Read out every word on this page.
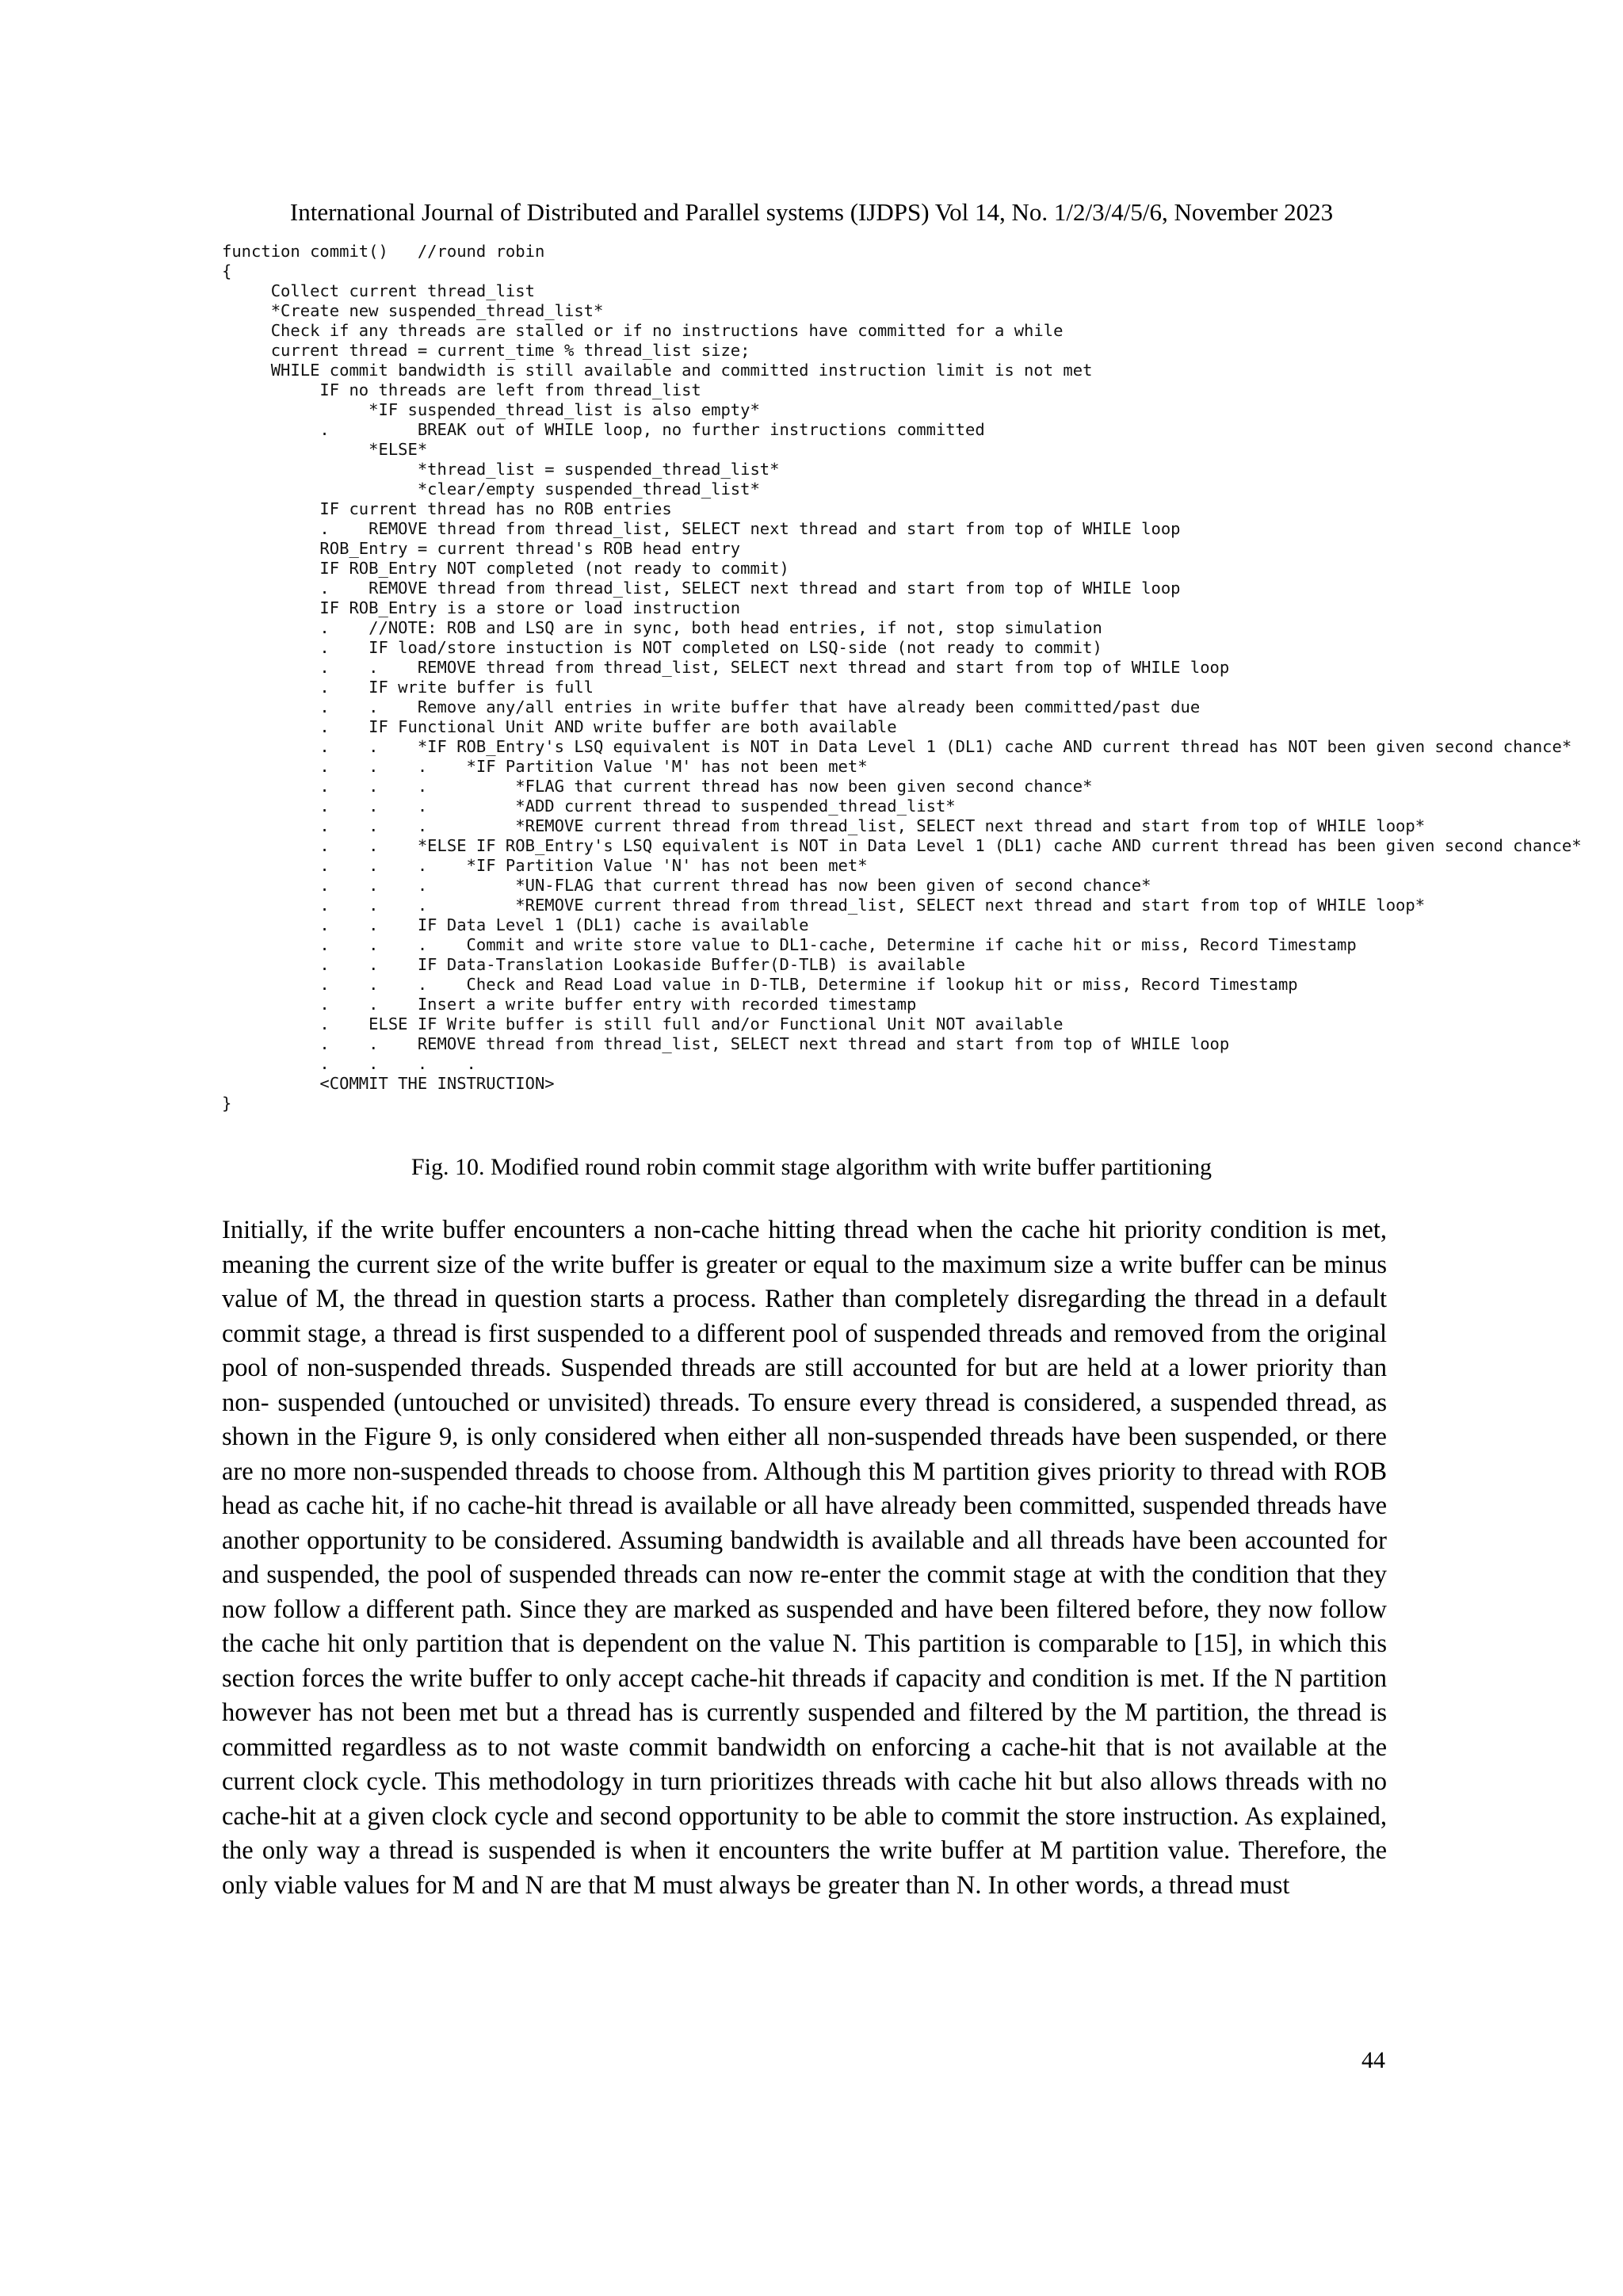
International Journal of Distributed and Parallel systems (IJDPS) Vol 14, No. 1/2/3/4/5/6, November 2023
function commit()   //round robin
{
Collect current thread_list
*Create new suspended_thread_list*
Check if any threads are stalled or if no instructions have committed for a while
current thread = current_time % thread_list size;
WHILE commit bandwidth is still available and committed instruction limit is not met
IF no threads are left from thread_list
*IF suspended_thread_list is also empty*
.         BREAK out of WHILE loop, no further instructions committed
*ELSE*
*thread_list = suspended_thread_list*
*clear/empty suspended_thread_list*
IF current thread has no ROB entries
.    REMOVE thread from thread_list, SELECT next thread and start from top of WHILE loop
ROB_Entry = current thread's ROB head entry
IF ROB_Entry NOT completed (not ready to commit)
.    REMOVE thread from thread_list, SELECT next thread and start from top of WHILE loop
IF ROB_Entry is a store or load instruction
.    //NOTE: ROB and LSQ are in sync, both head entries, if not, stop simulation
.    IF load/store instuction is NOT completed on LSQ-side (not ready to commit)
.    .    REMOVE thread from thread_list, SELECT next thread and start from top of WHILE loop
.    IF write buffer is full
.    .    Remove any/all entries in write buffer that have already been committed/past due
.    IF Functional Unit AND write buffer are both available
.    .    *IF ROB_Entry's LSQ equivalent is NOT in Data Level 1 (DL1) cache AND current thread has NOT been given second chance*
.    .    .    *IF Partition Value 'M' has not been met*
.    .    .         *FLAG that current thread has now been given second chance*
.    .    .         *ADD current thread to suspended_thread_list*
.    .    .         *REMOVE current thread from thread_list, SELECT next thread and start from top of WHILE loop*
.    .    *ELSE IF ROB_Entry's LSQ equivalent is NOT in Data Level 1 (DL1) cache AND current thread has been given second chance*
.    .    .    *IF Partition Value 'N' has not been met*
.    .    .         *UN-FLAG that current thread has now been given of second chance*
.    .    .         *REMOVE current thread from thread_list, SELECT next thread and start from top of WHILE loop*
.    .    IF Data Level 1 (DL1) cache is available
.    .    .    Commit and write store value to DL1-cache, Determine if cache hit or miss, Record Timestamp
.    .    IF Data-Translation Lookaside Buffer(D-TLB) is available
.    .    .    Check and Read Load value in D-TLB, Determine if lookup hit or miss, Record Timestamp
.    .    Insert a write buffer entry with recorded timestamp
.    ELSE IF Write buffer is still full and/or Functional Unit NOT available
.    .    REMOVE thread from thread_list, SELECT next thread and start from top of WHILE loop
.    .    .    .
<COMMIT THE INSTRUCTION>
}
Fig. 10. Modified round robin commit stage algorithm with write buffer partitioning

Initially, if the write buffer encounters a non-cache hitting thread when the cache hit priority condition is met, meaning the current size of the write buffer is greater or equal to the maximum size a write buffer can be minus value of M, the thread in question starts a process. Rather than completely disregarding the thread in a default commit stage, a thread is first suspended to a different pool of suspended threads and removed from the original pool of non-suspended threads. Suspended threads are still accounted for but are held at a lower priority than non- suspended (untouched or unvisited) threads. To ensure every thread is considered, a suspended thread, as shown in the Figure 9, is only considered when either all non-suspended threads have been suspended, or there are no more non-suspended threads to choose from. Although this M partition gives priority to thread with ROB head as cache hit, if no cache-hit thread is available or all have already been committed, suspended threads have another opportunity to be considered. Assuming bandwidth is available and all threads have been accounted for and suspended, the pool of suspended threads can now re-enter the commit stage at with the condition that they now follow a different path. Since they are marked as suspended and have been filtered before, they now follow the cache hit only partition that is dependent on the value N. This partition is comparable to [15], in which this section forces the write buffer to only accept cache-hit threads if capacity and condition is met. If the N partition however has not been met but a thread has is currently suspended and filtered by the M partition, the thread is committed regardless as to not waste commit bandwidth on enforcing a cache-hit that is not available at the current clock cycle. This methodology in turn prioritizes threads with cache hit but also allows threads with no cache-hit at a given clock cycle and second opportunity to be able to commit the store instruction. As explained, the only way a thread is suspended is when it encounters the write buffer at M partition value. Therefore, the only viable values for M and N are that M must always be greater than N. In other words, a thread must

44
